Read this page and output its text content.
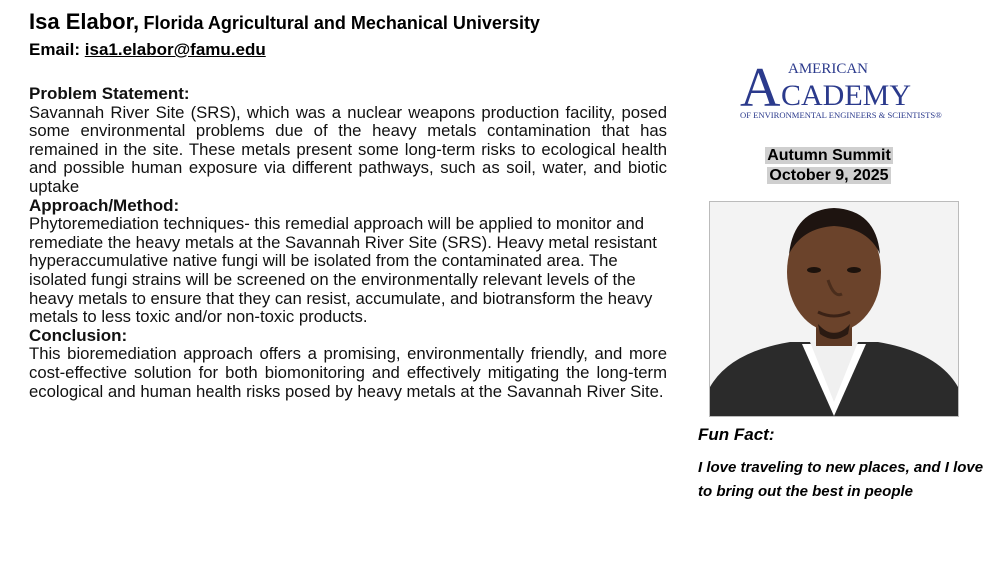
Isa Elabor, Florida Agricultural and Mechanical University
Email: isa1.elabor@famu.edu
Problem Statement:

Savannah River Site (SRS), which was a nuclear weapons production facility, posed some environmental problems due of the heavy metals contamination that has remained in the site. These metals present some long-term risks to ecological health and possible human exposure via different pathways, such as soil, water, and biotic uptake

Approach/Method:

Phytoremediation techniques- this remedial approach will be applied to monitor and remediate the heavy metals at the Savannah River Site (SRS). Heavy metal resistant hyperaccumulative native fungi will be isolated from the contaminated area. The isolated fungi strains will be screened on the environmentally relevant levels of the heavy metals to ensure that they can resist, accumulate, and biotransform the heavy metals to less toxic and/or non-toxic products.

Conclusion:

This bioremediation approach offers a promising, environmentally friendly, and more cost-effective solution for both biomonitoring and effectively mitigating the long-term ecological and human health risks posed by heavy metals at the Savannah River Site.

A AMERICAN
CADEMY
OF ENVIRONMENTAL ENGINEERS & SCIENTISTS®
Autumn Summit
October 9, 2025
Fun Fact:
I love traveling to new places, and I love to bring out the best in people
